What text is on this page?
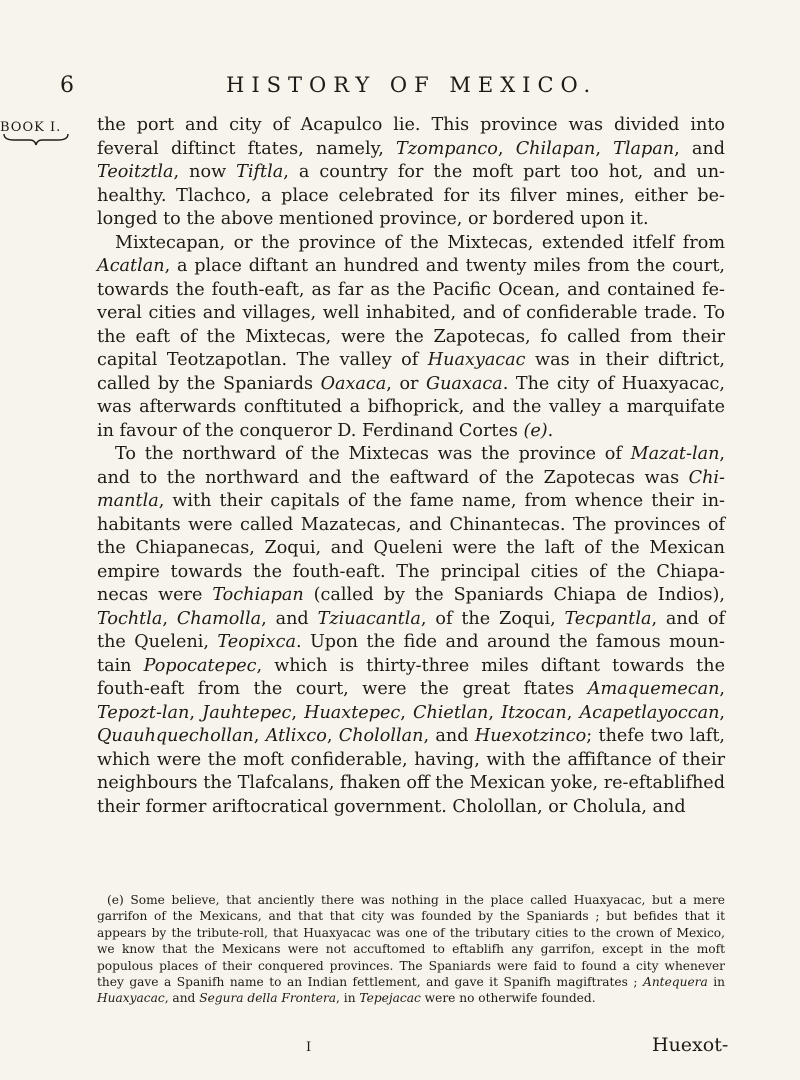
6	HISTORY OF MEXICO.
BOOK I. the port and city of Acapulco lie. This province was divided into feveral diftinct ftates, namely, Tzompanco, Chilapan, Tlapan, and Teoitztla, now Tiftla, a country for the moft part too hot, and un-healthy. Tlachco, a place celebrated for its filver mines, either be-longed to the above mentioned province, or bordered upon it.

Mixtecapan, or the province of the Mixtecas, extended itfelf from Acatlan, a place diftant an hundred and twenty miles from the court, towards the fouth-eaft, as far as the Pacific Ocean, and contained fe-veral cities and villages, well inhabited, and of confiderable trade. To the eaft of the Mixtecas, were the Zapotecas, fo called from their capital Teotzapotlan. The valley of Huaxyacac was in their diftrict, called by the Spaniards Oaxaca, or Guaxaca. The city of Huaxyacac, was afterwards conftituted a bifhoprick, and the valley a marquifate in favour of the conqueror D. Ferdinand Cortes (e).

To the northward of the Mixtecas was the province of Mazat-lan, and to the northward and the eaftward of the Zapotecas was Chi-mantla, with their capitals of the fame name, from whence their in-habitants were called Mazatecas, and Chinantecas. The provinces of the Chiapanecas, Zoqui, and Queleni were the laft of the Mexican empire towards the fouth-eaft. The principal cities of the Chiapa-necas were Tochiapan (called by the Spaniards Chiapa de Indios), Tochtla, Chamolla, and Tziuacantla, of the Zoqui, Tecpantla, and of the Queleni, Teopixca. Upon the fide and around the famous moun-tain Popocatepec, which is thirty-three miles diftant towards the fouth-eaft from the court, were the great ftates Amaquemecan, Tepozt-lan, Jauhtepec, Huaxtepec, Chietlan, Itzocan, Acapetlayoccan, Quauhquechollan, Atlixco, Cholollan, and Huexotzinco; thefe two laft, which were the moft confiderable, having, with the affiftance of their neighbours the Tlafcalans, fhaken off the Mexican yoke, re-eftablifhed their former ariftocratical government. Cholollan, or Cholula, and

(e) Some believe, that anciently there was nothing in the place called Huaxyacac, but a mere garrifon of the Mexicans, and that that city was founded by the Spaniards ; but befides that it appears by the tribute-roll, that Huaxyacac was one of the tributary cities to the crown of Mexico, we know that the Mexicans were not accuftomed to eftablifh any garrifon, except in the moft populous places of their conquered provinces. The Spaniards were faid to found a city whenever they gave a Spanifh name to an Indian fettlement, and gave it Spanifh magiftrates ; Antequera in Huaxyacac, and Segura della Frontera, in Tepejacac were no otherwife founded.

I	Huexot-
